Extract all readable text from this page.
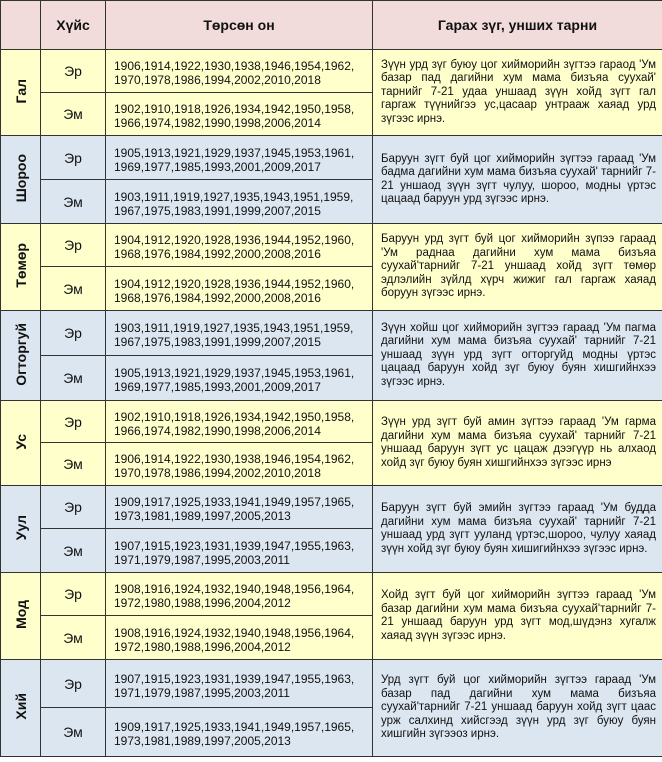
	Хүйс	Төрсөн он	Гарах зүг, унших тарни
Гал	Эр	1906,1914,1922,1930,1938,1946,1954,1962, 1970,1978,1986,1994,2002,2010,2018	Зүүн урд зүг буюу цог хийморийн зүгтээ гараод 'Ум базар пад дагийни хум мама бизъяа суухай' тарнийг 7-21 удаа уншаад зүүн хойд зүгт гал гаргаж түүнийгээ ус,цасаар унтрааж хаяад урд зүгээс ирнэ.
	Эм	1902,1910,1918,1926,1934,1942,1950,1958, 1966,1974,1982,1990,1998,2006,2014	
Шороо	Эр	1905,1913,1921,1929,1937,1945,1953,1961, 1969,1977,1985,1993,2001,2009,2017	Баруун зүгт буй цог хийморийн зүгтээ гараад 'Ум бадма дагийни хум мама бизъяа суухай' тарнийг 7-21 уншаод зүүн зүгт чулуу, шороо, модны үртэс цацаад баруун урд зүгээс ирнэ.
	Эм	1903,1911,1919,1927,1935,1943,1951,1959, 1967,1975,1983,1991,1999,2007,2015	
Төмөр	Эр	1904,1912,1920,1928,1936,1944,1952,1960, 1968,1976,1984,1992,2000,2008,2016	Баруун урд зүгт буй цог хийморийн зүпээ гараад 'Ум раднаа дагийни хум мама бизъяа суухай'тарнийг 7-21 уншаад хойд зүгт төмөр эдлэлийн зүйлд хүрч жижиг гал гаргаж хаяад боруун зүгээс ирнэ.
	Эм	1904,1912,1920,1928,1936,1944,1952,1960, 1968,1976,1984,1992,2000,2008,2016	
Огторгуй	Эр	1903,1911,1919,1927,1935,1943,1951,1959, 1967,1975,1983,1991,1999,2007,2015	Зүүн хойш цог хийморийн зүгтээ гараад 'Ум пагма дагийни хум мама бизъяа суухай' тарнийг 7-21 уншаад зүүн урд зүгт огторгуйд модны үртэс цацаад баруун хойд зүг буюу буян хишгийнхээ зүгээс ирнэ.
	Эм	1905,1913,1921,1929,1937,1945,1953,1961, 1969,1977,1985,1993,2001,2009,2017	
Ус	Эр	1902,1910,1918,1926,1934,1942,1950,1958, 1966,1974,1982,1990,1998,2006,2014	Зүүн урд зүгт буй амин зүгтээ гараад 'Ум гарма дагийни хум мама бизъяа суухай' тарнийг 7-21 уншаад баруун зүгт ус цацаж дээгүүр нь алхаод хойд зүг буюу буян хишгийнхээ зүгээс ирнэ
	Эм	1906,1914,1922,1930,1938,1946,1954,1962, 1970,1978,1986,1994,2002,2010,2018	
Уул	Эр	1909,1917,1925,1933,1941,1949,1957,1965, 1973,1981,1989,1997,2005,2013	Баруун зүгт буй эмийн зүгтээ гараад 'Ум будда дагийни хум мама бизъяа суухай' тарнийг 7-21 уншаад урд зүгт ууланд үртэс,шороо, чулуу хаяад зүүн хойд зүг буюу буян хишигийнхээ зүгээс ирнэ.
	Эм	1907,1915,1923,1931,1939,1947,1955,1963, 1971,1979,1987,1995,2003,2011	
Мод	Эр	1908,1916,1924,1932,1940,1948,1956,1964, 1972,1980,1988,1996,2004,2012	Хойд зүгт буй цог хийморийн зүгтээ гараад 'Ум базар дагийни хум мама бизъяа суухай'тарнийг 7-21 уншаад баруун урд зүгт мод,шүдэнз хугалж хаяад зүүн зүгээс ирнэ.
	Эм	1908,1916,1924,1932,1940,1948,1956,1964, 1972,1980,1988,1996,2004,2012	
Хий	Эр	1907,1915,1923,1931,1939,1947,1955,1963, 1971,1979,1987,1995,2003,2011	Урд зүгт буй цог хийморийн зүгтээ гараад 'Ум базар пад дагийни хум мама бизъяа суухай'тарнийг 7-21 уншаад баруун хойд зүгт цаас урж салхинд хийсгээд зүүн урд зүг буюу буян хишгийн зүгээоз ирнэ.
	Эм	1909,1917,1925,1933,1941,1949,1957,1965, 1973,1981,1989,1997,2005,2013	
